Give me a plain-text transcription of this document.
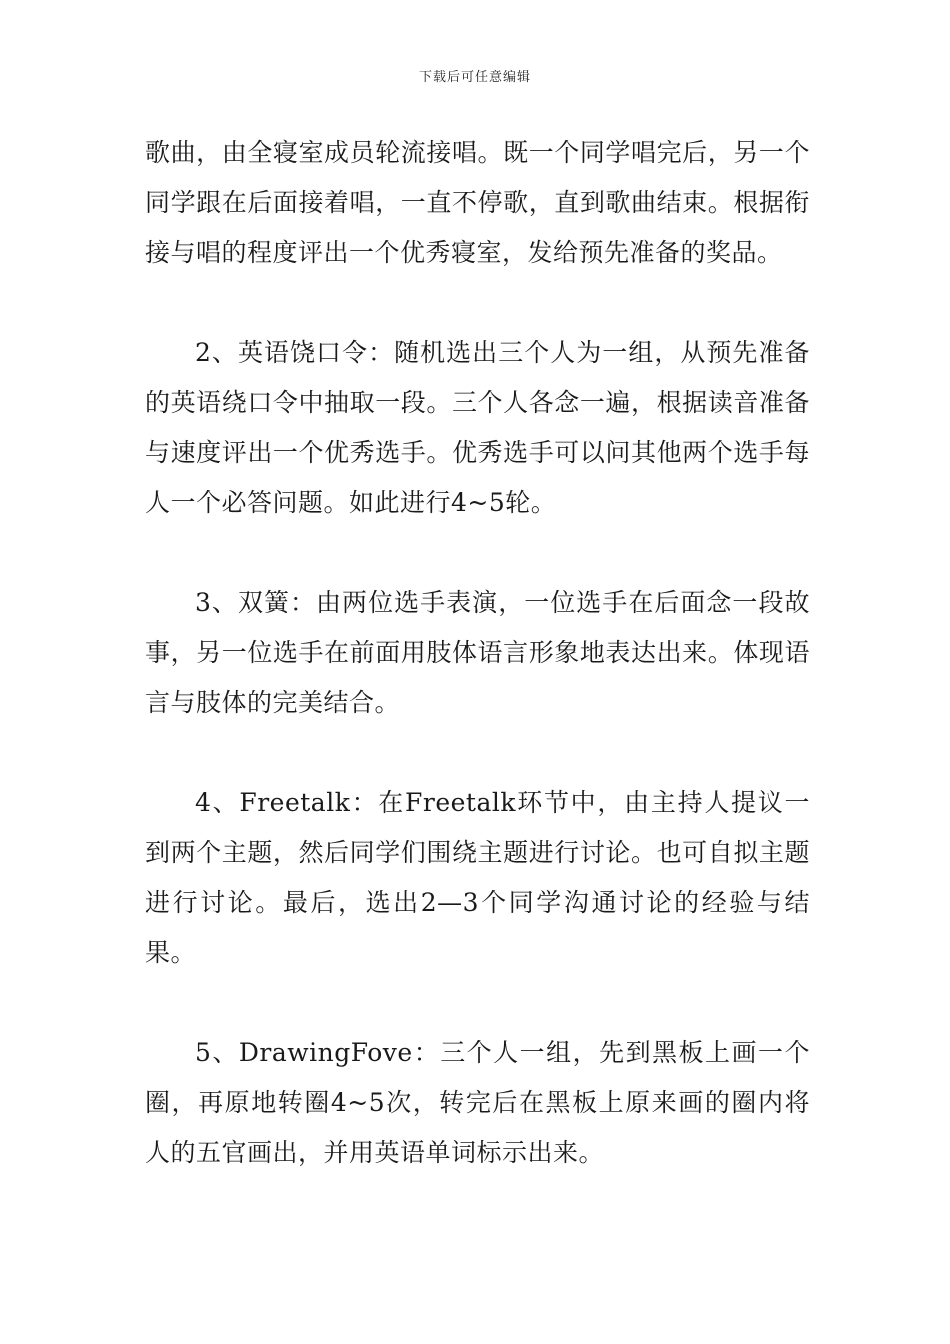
下载后可任意编辑

歌曲，由全寝室成员轮流接唱。既一个同学唱完后，另一个同学跟在后面接着唱，一直不停歌，直到歌曲结束。根据衔接与唱的程度评出一个优秀寝室，发给预先准备的奖品。

2、英语饶口令：随机选出三个人为一组，从预先准备的英语绕口令中抽取一段。三个人各念一遍，根据读音准备与速度评出一个优秀选手。优秀选手可以问其他两个选手每人一个必答问题。如此进行4~5轮。

3、双簧：由两位选手表演，一位选手在后面念一段故事，另一位选手在前面用肢体语言形象地表达出来。体现语言与肢体的完美结合。

4、Freetalk：在Freetalk环节中，由主持人提议一到两个主题，然后同学们围绕主题进行讨论。也可自拟主题进行讨论。最后，选出2—3个同学沟通讨论的经验与结果。

5、DrawingFove：三个人一组，先到黑板上画一个圈，再原地转圈4~5次，转完后在黑板上原来画的圈内将人的五官画出，并用英语单词标示出来。
